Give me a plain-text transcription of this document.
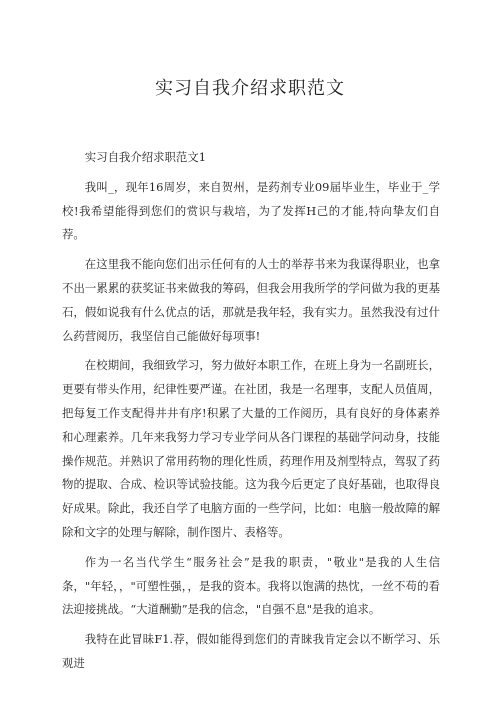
实习自我介绍求职范文

实习自我介绍求职范文1

我叫_，现年16周岁，来自贺州，是药剂专业09届毕业生，毕业于_学校!我希望能得到您们的赏识与栽培，为了发挥H己的才能,特向挚友们自荐。

在这里我不能向您们出示任何有的人士的举荐书来为我谋得职业，也拿不出一累累的获奖证书来做我的筹码，但我会用我所学的学问做为我的更基石，假如说我有什么优点的话，那就是我年轻，我有实力。虽然我没有过什么药营阅历，我坚信自己能做好每项事!

在校期间，我细致学习，努力做好本职工作，在班上身为一名副班长，更要有带头作用，纪律性要严谨。在社团，我是一名理事，支配人员值周，把每复工作支配得井井有序!积累了大量的工作阅历，具有良好的身体素养和心理素养。几年来我努力学习专业学问从各门课程的基础学问动身，技能操作规范。并熟识了常用药物的理化性质，药理作用及剂型特点，驾驭了药物的提取、合成、检识等试验技能。这为我今后更定了良好基础，也取得良好成果。除此，我还自学了电脑方面的一些学问，比如：电脑一般故障的解除和文字的处理与解除，制作图片、表格等。

作为一名当代学生“服务社会”是我的职责，"敬业"是我的人生信条，"年轻，，"可塑性强，，是我的资本。我将以饱满的热忱，一丝不苟的看法迎接挑战。“大道酬勤”是我的信念，"自强不息"是我的追求。

我特在此冒昧F1.荐，假如能得到您们的青睐我肯定会以不断学习、乐观进
